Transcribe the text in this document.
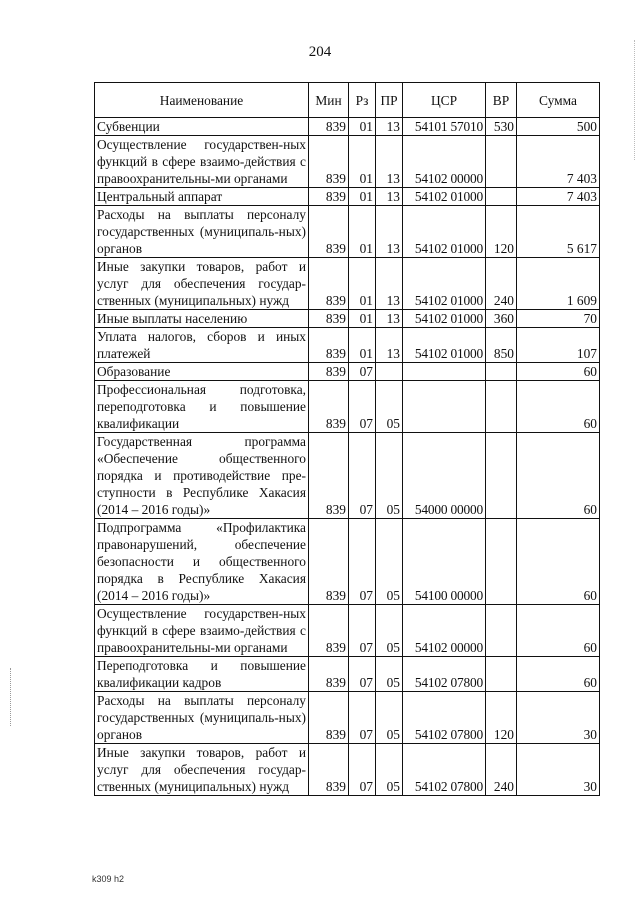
204
Наименование	Мин	Рз	ПР	ЦСР	ВР	Сумма
Субвенции	839	01	13	54101 57010	530	500
Осуществление государствен-ных функций в сфере взаимо-действия с правоохранительны-ми органами	839	01	13	54102 00000		7 403
Центральный аппарат	839	01	13	54102 01000		7 403
Расходы на выплаты персоналу государственных (муниципаль-ных) органов	839	01	13	54102 01000	120	5 617
Иные закупки товаров, работ и услуг для обеспечения государ-ственных (муниципальных) нужд	839	01	13	54102 01000	240	1 609
Иные выплаты населению	839	01	13	54102 01000	360	70
Уплата налогов, сборов и иных платежей	839	01	13	54102 01000	850	107
Образование	839	07				60
Профессиональная подготовка, переподготовка и повышение квалификации	839	07	05			60
Государственная программа «Обеспечение общественного порядка и противодействие пре-ступности в Республике Хакасия (2014 – 2016 годы)»	839	07	05	54000 00000		60
Подпрограмма «Профилактика правонарушений, обеспечение безопасности и общественного порядка в Республике Хакасия (2014 – 2016 годы)»	839	07	05	54100 00000		60
Осуществление государствен-ных функций в сфере взаимо-действия с правоохранительны-ми органами	839	07	05	54102 00000		60
Переподготовка и повышение квалификации кадров	839	07	05	54102 07800		60
Расходы на выплаты персоналу государственных (муниципаль-ных) органов	839	07	05	54102 07800	120	30
Иные закупки товаров, работ и услуг для обеспечения государ-ственных (муниципальных) нужд	839	07	05	54102 07800	240	30
k309 h2
